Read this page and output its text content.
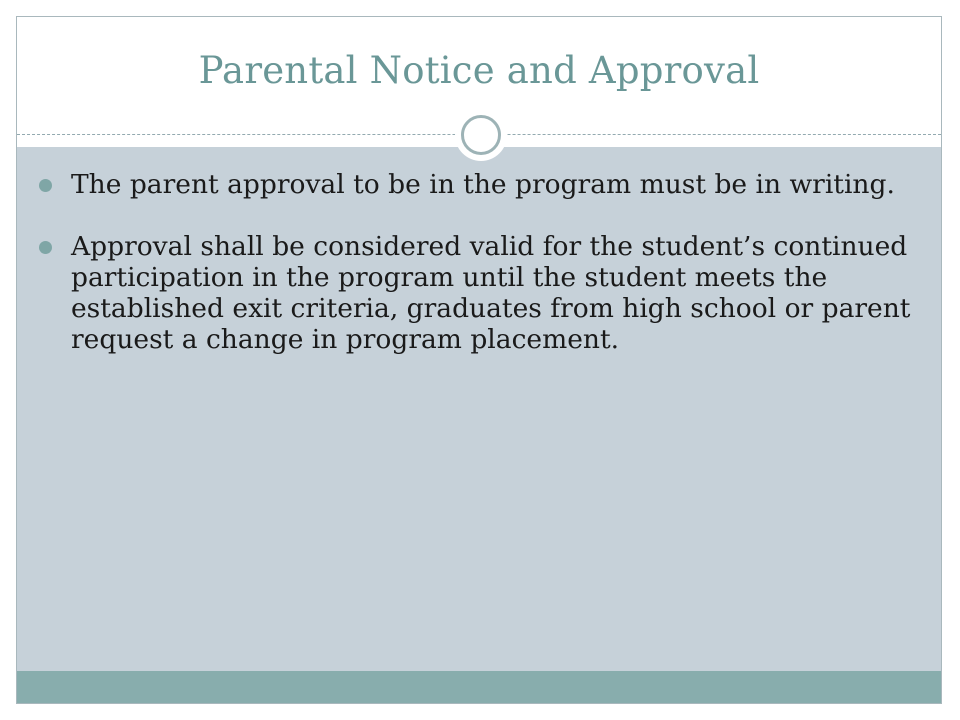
Parental Notice and Approval
The parent approval to be in the program must be in writing.
Approval shall be considered valid for the student’s continued participation in the program until the student meets the established exit criteria, graduates from high school or parent request a change in program placement.
